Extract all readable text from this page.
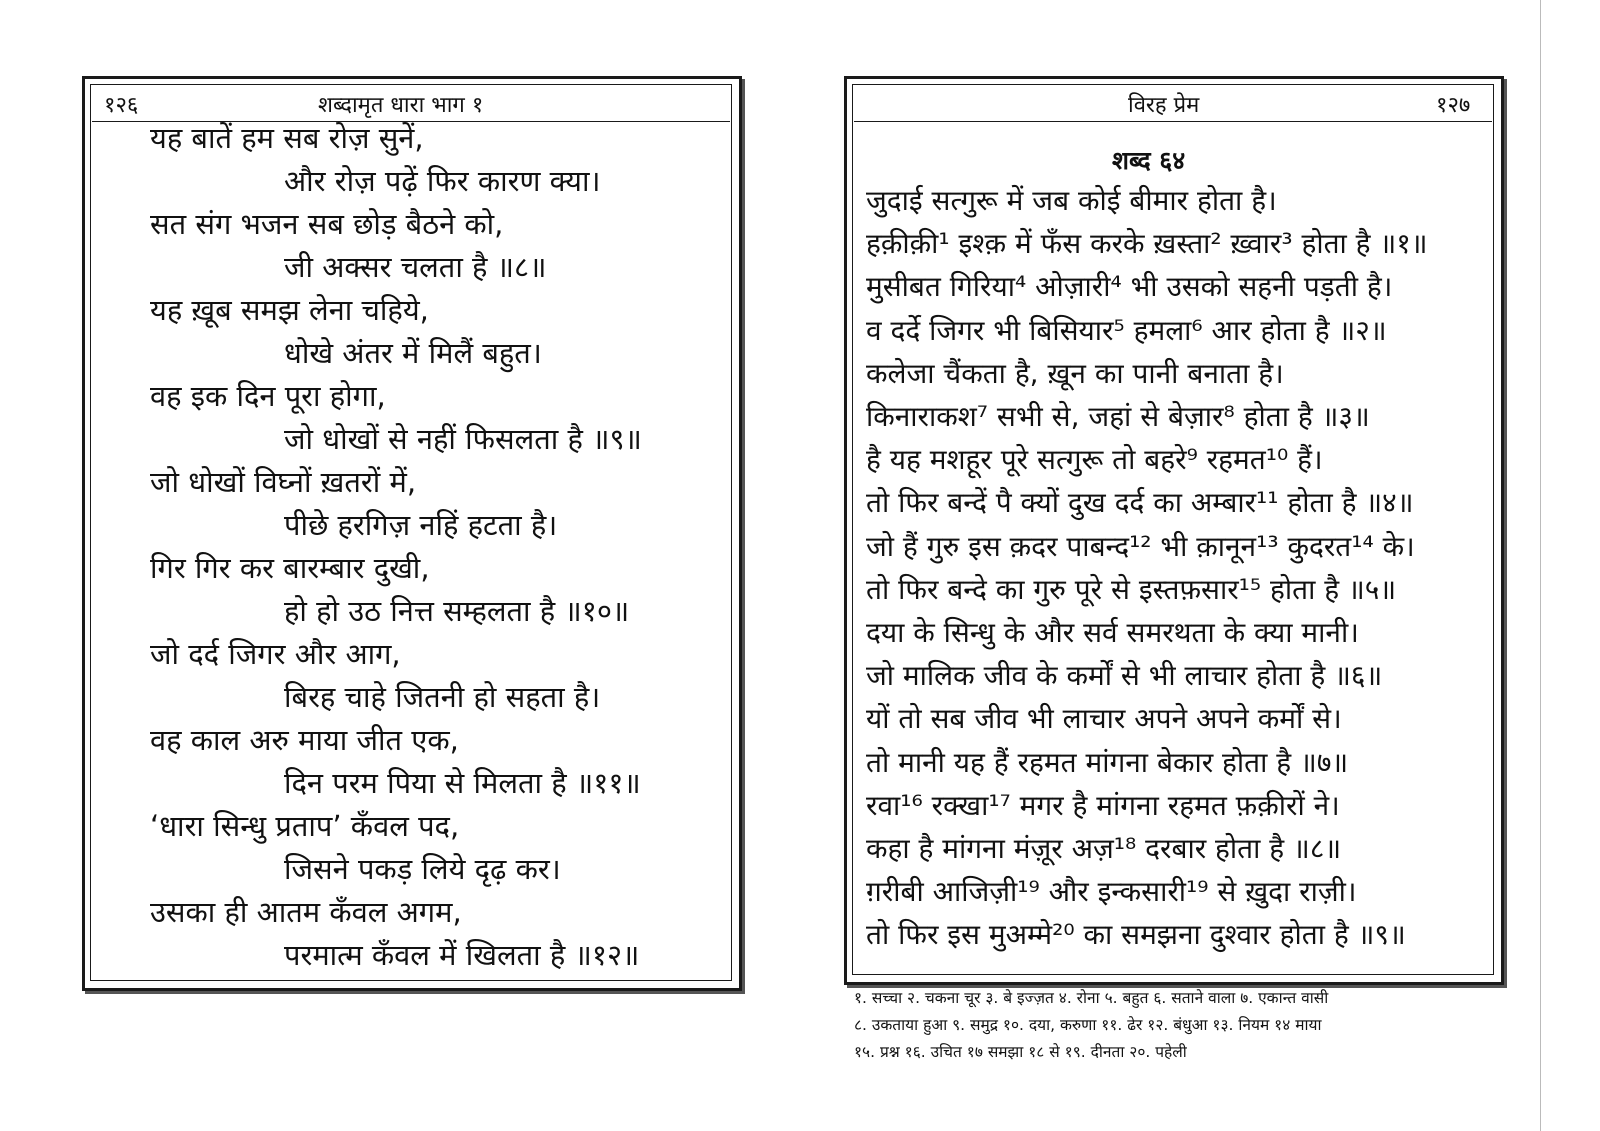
१२६	शब्दामृत धारा भाग १
यह बातें हम सब रोज़ सुनें,
और रोज़ पढ़ें फिर कारण क्या।
सत संग भजन सब छोड़ बैठने को,
जी अक्सर चलता है ॥८॥
यह ख़ूब समझ लेना चहिये,
धोखे अंतर में मिलैं बहुत।
वह इक दिन पूरा होगा,
जो धोखों से नहीं फिसलता है ॥९॥
जो धोखों विघ्नों ख़तरों में,
पीछे हरगिज़ नहिं हटता है।
गिर गिर कर बारम्बार दुखी,
हो हो उठ नित्त सम्हलता है ॥१०॥
जो दर्द जिगर और आग,
बिरह चाहे जितनी हो सहता है।
वह काल अरु माया जीत एक,
दिन परम पिया से मिलता है ॥११॥
‘धारा सिन्धु प्रताप’ कँवल पद,
जिसने पकड़ लिये दृढ़ कर।
उसका ही आतम कँवल अगम,
परमात्म कँवल में खिलता है ॥१२॥
विरह प्रेम	१२७
शब्द ६४
जुदाई सत्गुरू में जब कोई बीमार होता है।
हक़ीक़ी¹ इश्क़ में फँस करके ख़स्ता² ख़्वार³ होता है ॥१॥
मुसीबत गिरिया⁴ ओज़ारी⁴ भी उसको सहनी पड़ती है।
व दर्दे जिगर भी बिसियार⁵ हमला⁶ आर होता है ॥२॥
कलेजा चैंकता है, ख़ून का पानी बनाता है।
किनाराकश⁷ सभी से, जहां से बेज़ार⁸ होता है ॥३॥
है यह मशहूर पूरे सत्गुरू तो बहरे⁹ रहमत¹⁰ हैं।
तो फिर बन्दें पै क्यों दुख दर्द का अम्बार¹¹ होता है ॥४॥
जो हैं गुरु इस क़दर पाबन्द¹² भी क़ानून¹³ कुदरत¹⁴ के।
तो फिर बन्दे का गुरु पूरे से इस्तफ़सार¹⁵ होता है ॥५॥
दया के सिन्धु के और सर्व समरथता के क्या मानी।
जो मालिक जीव के कर्मों से भी लाचार होता है ॥६॥
यों तो सब जीव भी लाचार अपने अपने कर्मों से।
तो मानी यह हैं रहमत मांगना बेकार होता है ॥७॥
रवा¹⁶ रक्खा¹⁷ मगर है मांगना रहमत फ़क़ीरों ने।
कहा है मांगना मंज़ूर अज़¹⁸ दरबार होता है ॥८॥
ग़रीबी आजिज़ी¹⁹ और इन्कसारी¹⁹ से ख़ुदा राज़ी।
तो फिर इस मुअम्मे²⁰ का समझना दुश्वार होता है ॥९॥
१. सच्चा २. चकना चूर ३. बे इज्ज़त ४. रोना ५. बहुत ६. सताने वाला ७. एकान्त वासी
८. उकताया हुआ ९. समुद्र १०. दया, करुणा ११. ढेर १२. बंधुआ १३. नियम १४ माया
१५. प्रश्न १६. उचित १७ समझा १८ से १९. दीनता २०. पहेली
